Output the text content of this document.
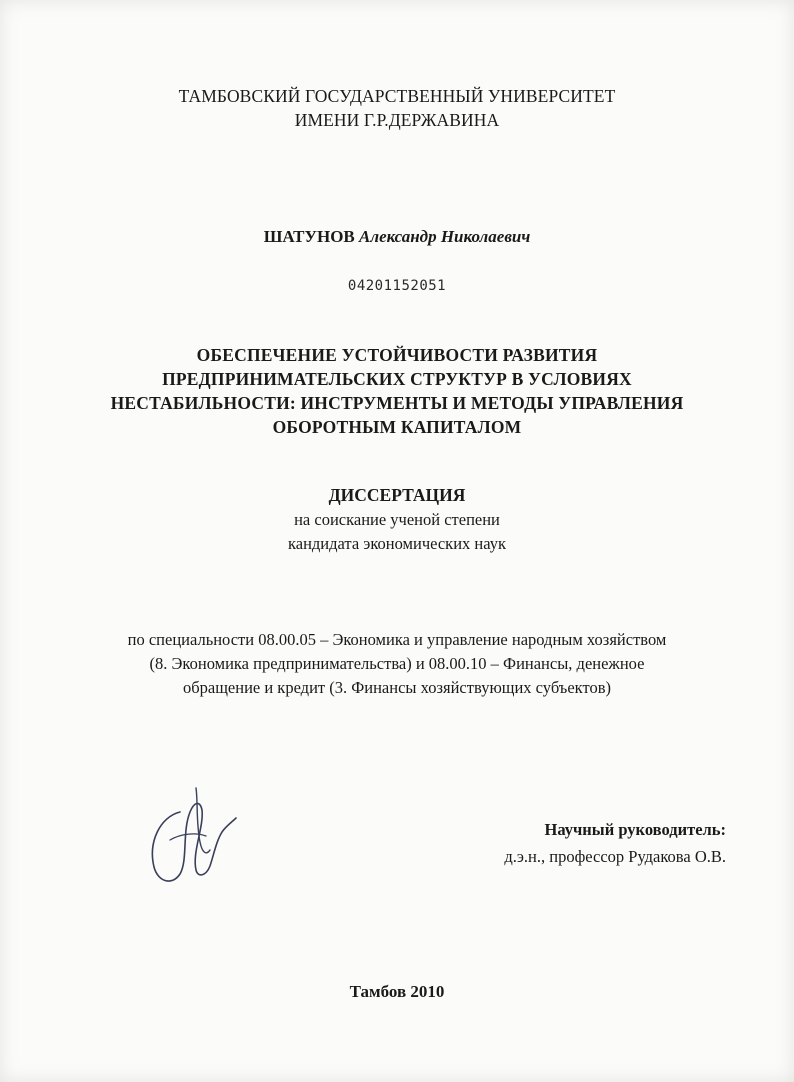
ТАМБОВСКИЙ ГОСУДАРСТВЕННЫЙ УНИВЕРСИТЕТ
ИМЕНИ Г.Р.ДЕРЖАВИНА
ШАТУНОВ Александр Николаевич
04201152051
ОБЕСПЕЧЕНИЕ УСТОЙЧИВОСТИ РАЗВИТИЯ
ПРЕДПРИНИМАТЕЛЬСКИХ СТРУКТУР В УСЛОВИЯХ
НЕСТАБИЛЬНОСТИ: ИНСТРУМЕНТЫ И МЕТОДЫ УПРАВЛЕНИЯ
ОБОРОТНЫМ КАПИТАЛОМ
ДИССЕРТАЦИЯ
на соискание ученой степени
кандидата экономических наук
по специальности 08.00.05 – Экономика и управление народным хозяйством
(8. Экономика предпринимательства) и 08.00.10 – Финансы, денежное
обращение и кредит (3. Финансы хозяйствующих субъектов)
Научный руководитель:
д.э.н., профессор Рудакова О.В.
Тамбов 2010
